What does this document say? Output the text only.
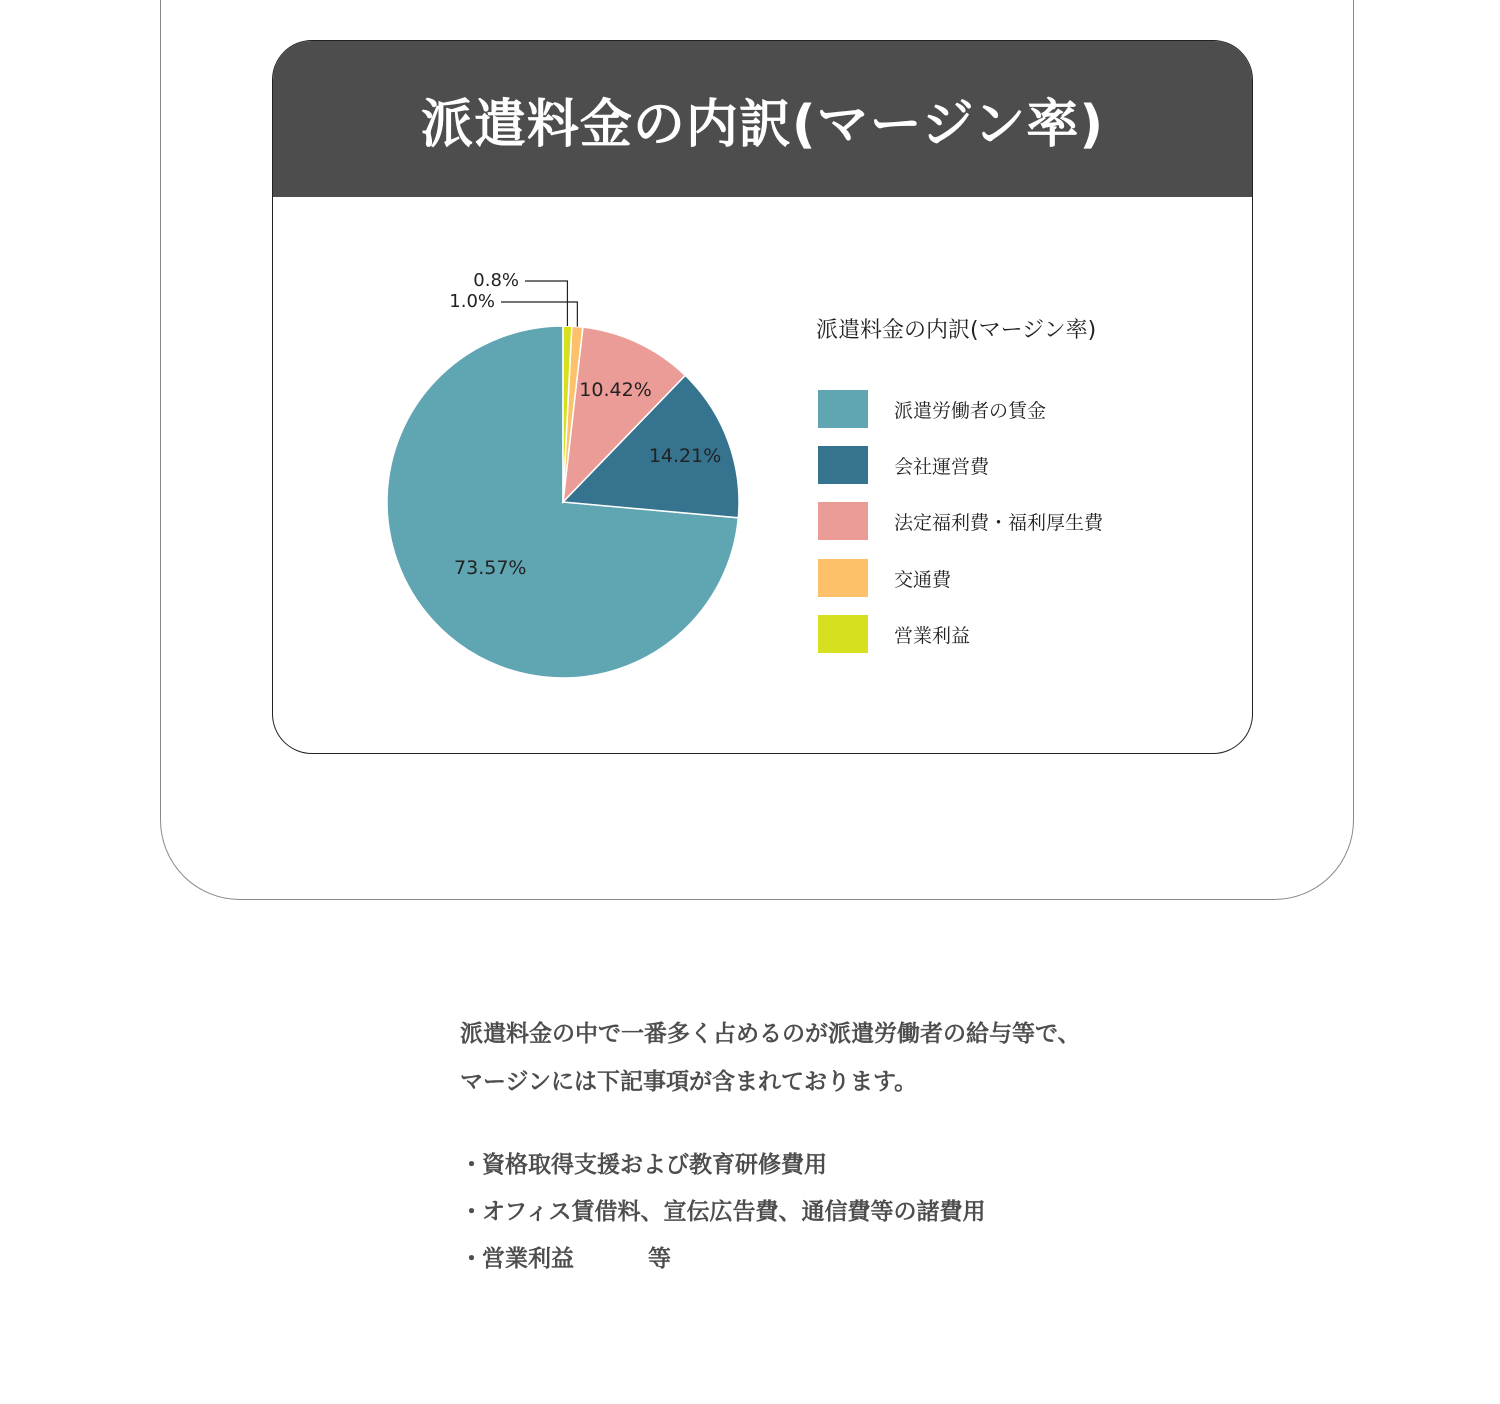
派遣料金の内訳(マージン率)
73.57%
14.21%
10.42%
1.0%
0.8%
派遣料金の内訳(マージン率)
派遣労働者の賃金
会社運営費
法定福利費・福利厚生費
交通費
営業利益
派遣料金の中で一番多く占めるのが派遣労働者の給与等で、
マージンには下記事項が含まれております。
・ 資格取得支援および教育研修費用
・ オフィス賃借料、宣伝広告費、通信費等の諸費用
・ 営業利益	等
